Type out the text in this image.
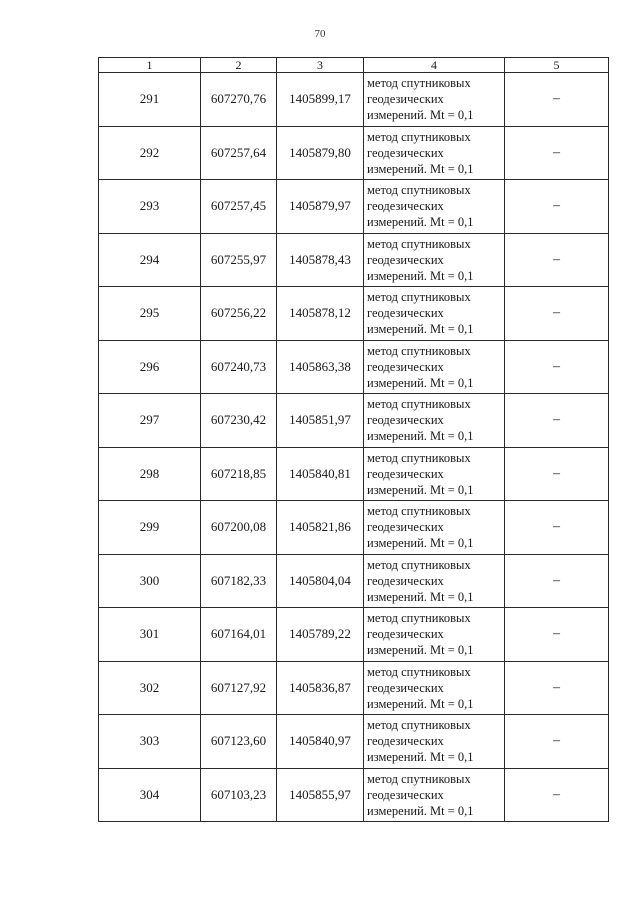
70
1	2	3	4	5
291	607270,76	1405899,17	метод спутниковых
геодезических
измерений. Mt = 0,1	–
292	607257,64	1405879,80	метод спутниковых
геодезических
измерений. Mt = 0,1	–
293	607257,45	1405879,97	метод спутниковых
геодезических
измерений. Mt = 0,1	–
294	607255,97	1405878,43	метод спутниковых
геодезических
измерений. Mt = 0,1	–
295	607256,22	1405878,12	метод спутниковых
геодезических
измерений. Mt = 0,1	–
296	607240,73	1405863,38	метод спутниковых
геодезических
измерений. Mt = 0,1	–
297	607230,42	1405851,97	метод спутниковых
геодезических
измерений. Mt = 0,1	–
298	607218,85	1405840,81	метод спутниковых
геодезических
измерений. Mt = 0,1	–
299	607200,08	1405821,86	метод спутниковых
геодезических
измерений. Mt = 0,1	–
300	607182,33	1405804,04	метод спутниковых
геодезических
измерений. Mt = 0,1	–
301	607164,01	1405789,22	метод спутниковых
геодезических
измерений. Mt = 0,1	–
302	607127,92	1405836,87	метод спутниковых
геодезических
измерений. Mt = 0,1	–
303	607123,60	1405840,97	метод спутниковых
геодезических
измерений. Mt = 0,1	–
304	607103,23	1405855,97	метод спутниковых
геодезических
измерений. Mt = 0,1	–
